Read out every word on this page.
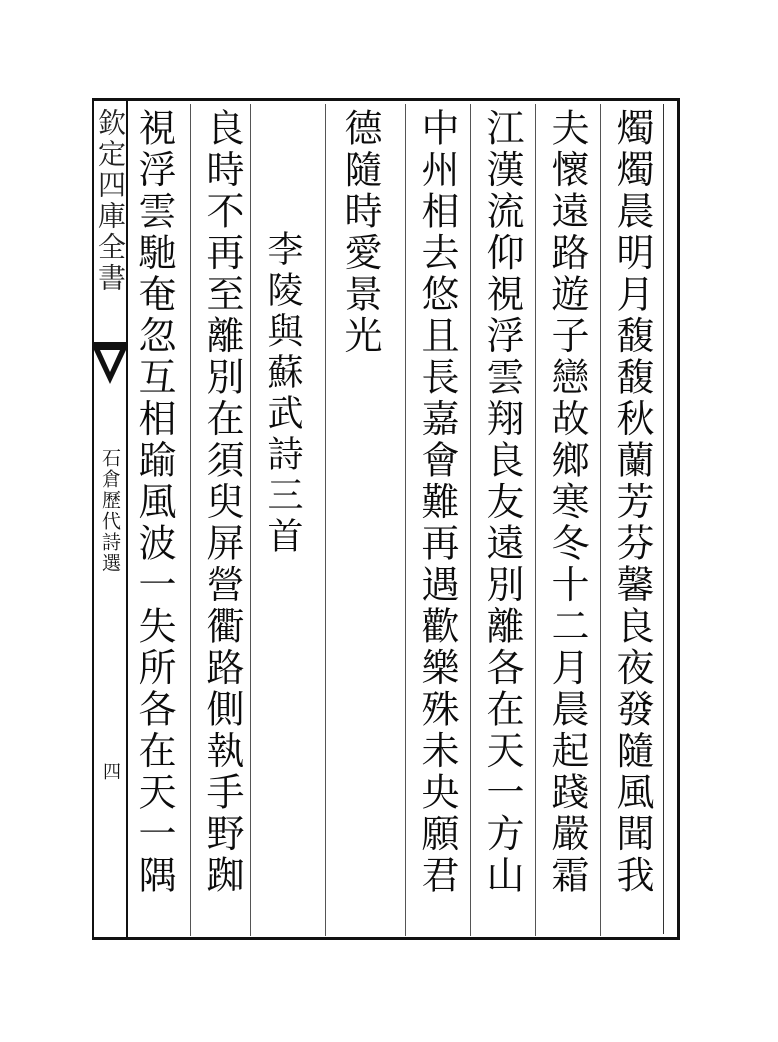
欽定四庫全書
石倉歷代詩選
四
燭燭晨明月馥馥秋蘭芳芬馨良夜發隨風聞我
夫懷遠路遊子戀故鄉寒冬十二月晨起踐嚴霜
江漢流仰視浮雲翔良友遠別離各在天一方山
中州相去悠且長嘉會難再遇歡樂殊未央願君
德隨時愛景光
李陵與蘇武詩三首
良時不再至離別在須臾屏營衢路側執手野踟
視浮雲馳奄忽互相踰風波一失所各在天一隅
